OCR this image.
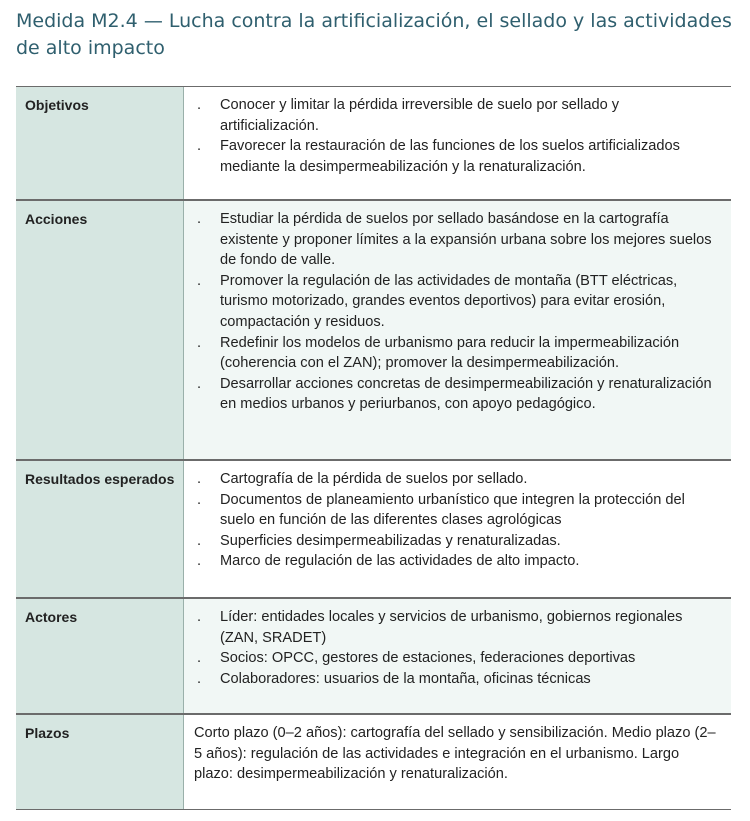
Medida M2.4 — Lucha contra la artificialización, el sellado y las actividades de alto impacto
Objetivos	. Conocer y limitar la pérdida irreversible de suelo por sellado y artificialización.
. Favorecer la restauración de las funciones de los suelos artificializados mediante la desimpermeabilización y la renaturalización.
Acciones	. Estudiar la pérdida de suelos por sellado basándose en la cartografía existente y proponer límites a la expansión urbana sobre los mejores suelos de fondo de valle.
. Promover la regulación de las actividades de montaña (BTT eléctricas, turismo motorizado, grandes eventos deportivos) para evitar erosión, compactación y residuos.
. Redefinir los modelos de urbanismo para reducir la impermeabilización (coherencia con el ZAN); promover la desimpermeabilización.
. Desarrollar acciones concretas de desimpermeabilización y renaturalización en medios urbanos y periurbanos, con apoyo pedagógico.
Resultados esperados	. Cartografía de la pérdida de suelos por sellado.
. Documentos de planeamiento urbanístico que integren la protección del suelo en función de las diferentes clases agrológicas
. Superficies desimpermeabilizadas y renaturalizadas.
. Marco de regulación de las actividades de alto impacto.
Actores	. Líder: entidades locales y servicios de urbanismo, gobiernos regionales (ZAN, SRADET)
. Socios: OPCC, gestores de estaciones, federaciones deportivas
. Colaboradores: usuarios de la montaña, oficinas técnicas
Plazos	Corto plazo (0–2 años): cartografía del sellado y sensibilización. Medio plazo (2–5 años): regulación de las actividades e integración en el urbanismo. Largo plazo: desimpermeabilización y renaturalización.
